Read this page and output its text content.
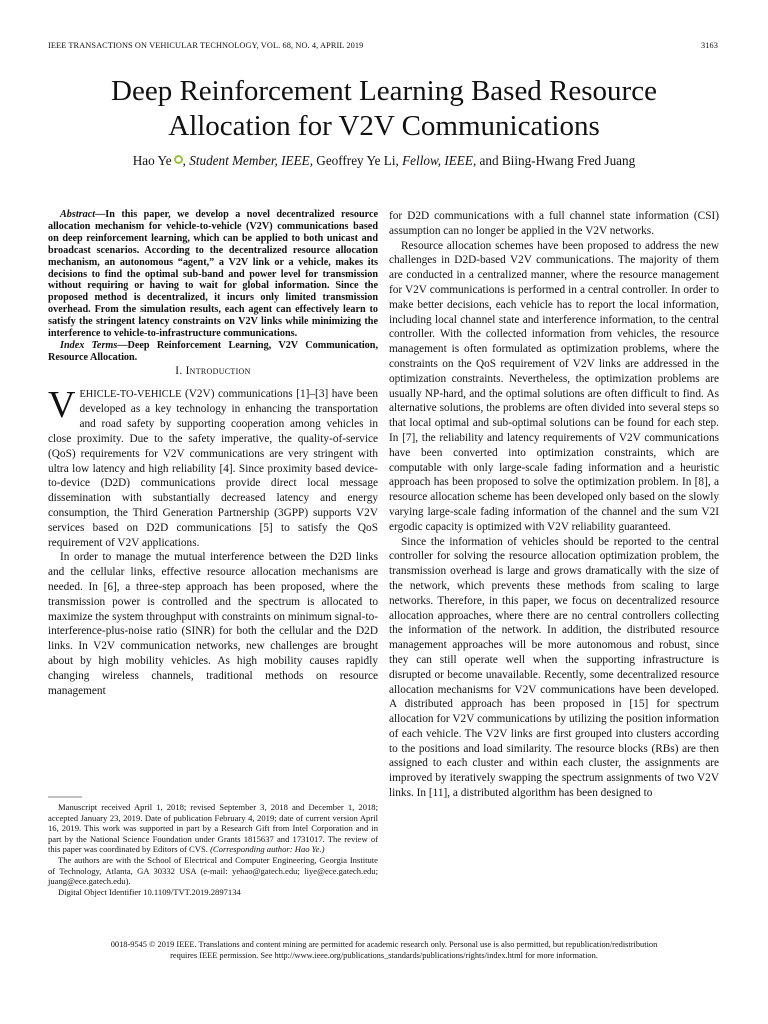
IEEE TRANSACTIONS ON VEHICULAR TECHNOLOGY, VOL. 68, NO. 4, APRIL 2019	3163
Deep Reinforcement Learning Based Resource
Allocation for V2V Communications
Hao Ye , Student Member, IEEE, Geoffrey Ye Li, Fellow, IEEE, and Biing-Hwang Fred Juang

Abstract—In this paper, we develop a novel decentralized resource allocation mechanism for vehicle-to-vehicle (V2V) communications based on deep reinforcement learning, which can be applied to both unicast and broadcast scenarios. According to the decentralized resource allocation mechanism, an autonomous “agent,” a V2V link or a vehicle, makes its decisions to find the optimal sub-band and power level for transmission without requiring or having to wait for global information. Since the proposed method is decentralized, it incurs only limited transmission overhead. From the simulation results, each agent can effectively learn to satisfy the stringent latency constraints on V2V links while minimizing the interference to vehicle-to-infrastructure communications.

Index Terms—Deep Reinforcement Learning, V2V Communication, Resource Allocation.

I. Introduction

VEHICLE-TO-VEHICLE (V2V) communications [1]–[3] have been developed as a key technology in enhancing the transportation and road safety by supporting cooperation among vehicles in close proximity. Due to the safety imperative, the quality-of-service (QoS) requirements for V2V communications are very stringent with ultra low latency and high reliability [4]. Since proximity based device-to-device (D2D) communications provide direct local message dissemination with substantially decreased latency and energy consumption, the Third Generation Partnership (3GPP) supports V2V services based on D2D communications [5] to satisfy the QoS requirement of V2V applications.

In order to manage the mutual interference between the D2D links and the cellular links, effective resource allocation mechanisms are needed. In [6], a three-step approach has been proposed, where the transmission power is controlled and the spectrum is allocated to maximize the system throughput with constraints on minimum signal-to-interference-plus-noise ratio (SINR) for both the cellular and the D2D links. In V2V communication networks, new challenges are brought about by high mobility vehicles. As high mobility causes rapidly changing wireless channels, traditional methods on resource management

Manuscript received April 1, 2018; revised September 3, 2018 and December 1, 2018; accepted January 23, 2019. Date of publication February 4, 2019; date of current version April 16, 2019. This work was supported in part by a Research Gift from Intel Corporation and in part by the National Science Foundation under Grants 1815637 and 1731017. The review of this paper was coordinated by Editors of CVS. (Corresponding author: Hao Ye.)

The authors are with the School of Electrical and Computer Engineering, Georgia Institute of Technology, Atlanta, GA 30332 USA (e-mail: yehao@gatech.edu; liye@ece.gatech.edu; juang@ece.gatech.edu).

Digital Object Identifier 10.1109/TVT.2019.2897134

for D2D communications with a full channel state information (CSI) assumption can no longer be applied in the V2V networks.

Resource allocation schemes have been proposed to address the new challenges in D2D-based V2V communications. The majority of them are conducted in a centralized manner, where the resource management for V2V communications is performed in a central controller. In order to make better decisions, each vehicle has to report the local information, including local channel state and interference information, to the central controller. With the collected information from vehicles, the resource management is often formulated as optimization problems, where the constraints on the QoS requirement of V2V links are addressed in the optimization constraints. Nevertheless, the optimization problems are usually NP-hard, and the optimal solutions are often difficult to find. As alternative solutions, the problems are often divided into several steps so that local optimal and sub-optimal solutions can be found for each step. In [7], the reliability and latency requirements of V2V communications have been converted into optimization constraints, which are computable with only large-scale fading information and a heuristic approach has been proposed to solve the optimization problem. In [8], a resource allocation scheme has been developed only based on the slowly varying large-scale fading information of the channel and the sum V2I ergodic capacity is optimized with V2V reliability guaranteed.

Since the information of vehicles should be reported to the central controller for solving the resource allocation optimization problem, the transmission overhead is large and grows dramatically with the size of the network, which prevents these methods from scaling to large networks. Therefore, in this paper, we focus on decentralized resource allocation approaches, where there are no central controllers collecting the information of the network. In addition, the distributed resource management approaches will be more autonomous and robust, since they can still operate well when the supporting infrastructure is disrupted or become unavailable. Recently, some decentralized resource allocation mechanisms for V2V communications have been developed. A distributed approach has been proposed in [15] for spectrum allocation for V2V communications by utilizing the position information of each vehicle. The V2V links are first grouped into clusters according to the positions and load similarity. The resource blocks (RBs) are then assigned to each cluster and within each cluster, the assignments are improved by iteratively swapping the spectrum assignments of two V2V links. In [11], a distributed algorithm has been designed to

0018-9545 © 2019 IEEE. Translations and content mining are permitted for academic research only. Personal use is also permitted, but republication/redistribution

requires IEEE permission. See http://www.ieee.org/publications_standards/publications/rights/index.html for more information.
